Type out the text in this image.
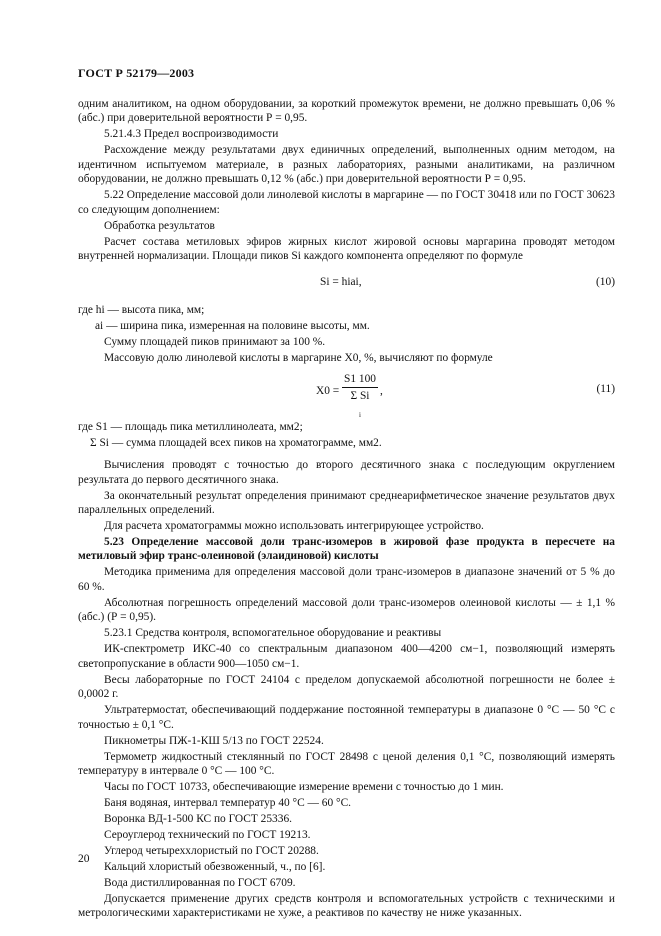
ГОСТ Р 52179—2003

одним аналитиком, на одном оборудовании, за короткий промежуток времени, не должно превышать 0,06 % (абс.) при доверительной вероятности Р = 0,95.

5.21.4.3 Предел воспроизводимости

Расхождение между результатами двух единичных определений, выполненных одним методом, на идентичном испытуемом материале, в разных лабораториях, разными аналитиками, на различном оборудовании, не должно превышать 0,12 % (абс.) при доверительной вероятности Р = 0,95.

5.22 Определение массовой доли линолевой кислоты в маргарине — по ГОСТ 30418 или по ГОСТ 30623 со следующим дополнением:

Обработка результатов

Расчет состава метиловых эфиров жирных кислот жировой основы маргарина проводят методом внутренней нормализации. Площади пиков Si каждого компонента определяют по формуле

Si = hiai,	(10)

где hi — высота пика, мм;

ai — ширина пика, измеренная на половине высоты, мм.

Сумму площадей пиков принимают за 100 %.

Массовую долю линолевой кислоты в маргарине Х0, %, вычисляют по формуле

X0 =
S1 100
Σ Si
$_i$
,	(11)

где S1 — площадь пика метиллинолеата, мм2;

Σ Si — сумма площадей всех пиков на хроматограмме, мм2.

Вычисления проводят с точностью до второго десятичного знака с последующим округлением результата до первого десятичного знака.

За окончательный результат определения принимают среднеарифметическое значение результатов двух параллельных определений.

Для расчета хроматограммы можно использовать интегрирующее устройство.

5.23 Определение массовой доли транс-изомеров в жировой фазе продукта в пересчете на метиловый эфир транс-олеиновой (элаидиновой) кислоты

Методика применима для определения массовой доли транс-изомеров в диапазоне значений от 5 % до 60 %.

Абсолютная погрешность определений массовой доли транс-изомеров олеиновой кислоты — ± 1,1 % (абс.) (Р = 0,95).

5.23.1 Средства контроля, вспомогательное оборудование и реактивы

ИК-спектрометр ИКС-40 со спектральным диапазоном 400—4200 см−1, позволяющий измерять светопропускание в области 900—1050 см−1.

Весы лабораторные по ГОСТ 24104 с пределом допускаемой абсолютной погрешности не более ± 0,0002 г.

Ультратермостат, обеспечивающий поддержание постоянной температуры в диапазоне 0 °С — 50 °С с точностью ± 0,1 °С.

Пикнометры ПЖ-1-КШ 5/13 по ГОСТ 22524.

Термометр жидкостный стеклянный по ГОСТ 28498 с ценой деления 0,1 °С, позволяющий измерять температуру в интервале 0 °С — 100 °С.

Часы по ГОСТ 10733, обеспечивающие измерение времени с точностью до 1 мин.

Баня водяная, интервал температур 40 °С — 60 °С.

Воронка ВД-1-500 КС по ГОСТ 25336.

Сероуглерод технический по ГОСТ 19213.

Углерод четыреххлористый по ГОСТ 20288.

Кальций хлористый обезвоженный, ч., по [6].

Вода дистиллированная по ГОСТ 6709.

Допускается применение других средств контроля и вспомогательных устройств с техническими и метрологическими характеристиками не хуже, а реактивов по качеству не ниже указанных.

20
